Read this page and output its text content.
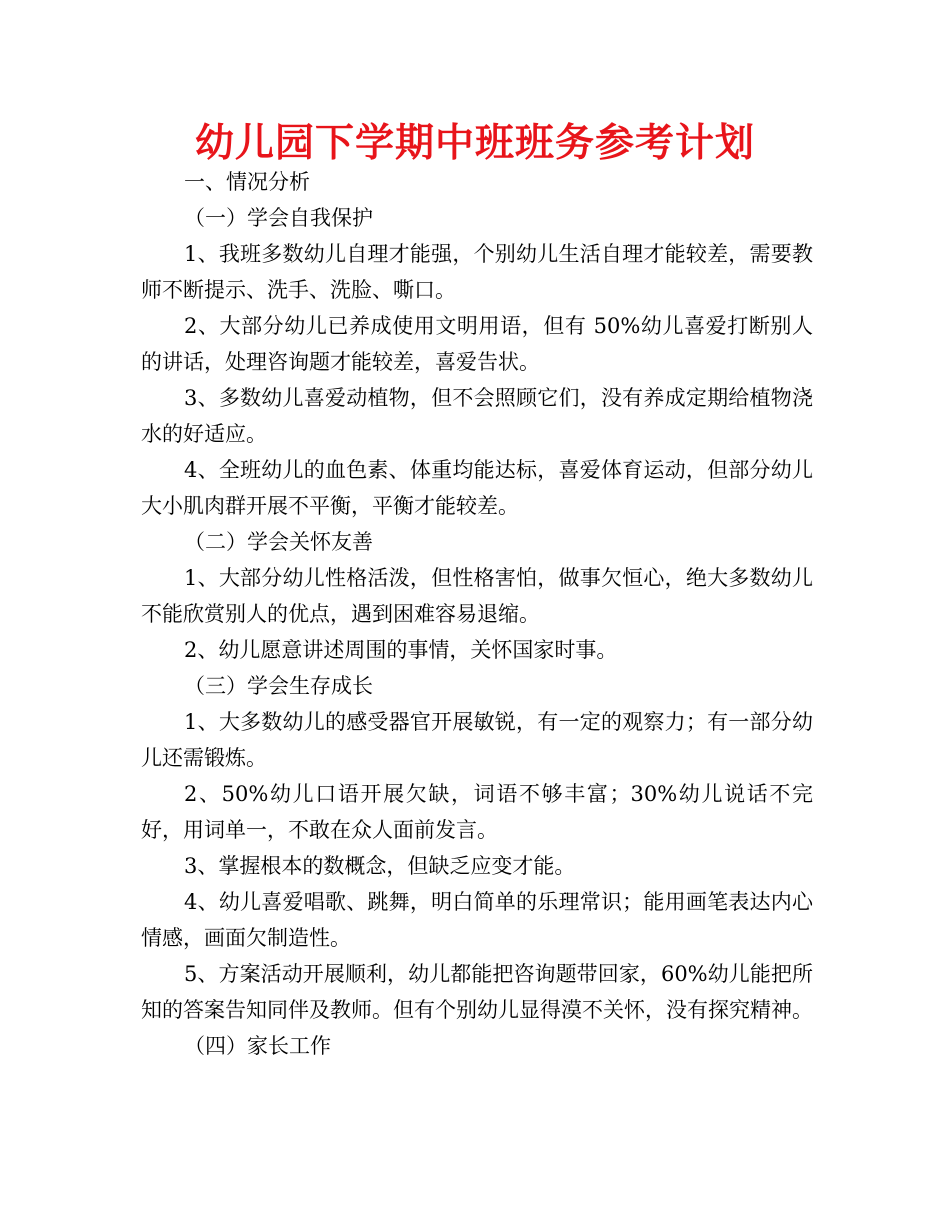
幼儿园下学期中班班务参考计划

一、情况分析

（一）学会自我保护

1、我班多数幼儿自理才能强，个别幼儿生活自理才能较差，需要教师不断提示、洗手、洗脸、嘶口。

2、大部分幼儿已养成使用文明用语，但有 50%幼儿喜爱打断别人的讲话，处理咨询题才能较差，喜爱告状。

3、多数幼儿喜爱动植物，但不会照顾它们，没有养成定期给植物浇水的好适应。

4、全班幼儿的血色素、体重均能达标，喜爱体育运动，但部分幼儿大小肌肉群开展不平衡，平衡才能较差。

（二）学会关怀友善

1、大部分幼儿性格活泼，但性格害怕，做事欠恒心，绝大多数幼儿不能欣赏别人的优点，遇到困难容易退缩。

2、幼儿愿意讲述周围的事情，关怀国家时事。

（三）学会生存成长

1、大多数幼儿的感受器官开展敏锐，有一定的观察力；有一部分幼儿还需锻炼。

2、50%幼儿口语开展欠缺，词语不够丰富；30%幼儿说话不完好，用词单一，不敢在众人面前发言。

3、掌握根本的数概念，但缺乏应变才能。

4、幼儿喜爱唱歌、跳舞，明白简单的乐理常识；能用画笔表达内心情感，画面欠制造性。

5、方案活动开展顺利，幼儿都能把咨询题带回家，60%幼儿能把所知的答案告知同伴及教师。但有个别幼儿显得漠不关怀，没有探究精神。

（四）家长工作
